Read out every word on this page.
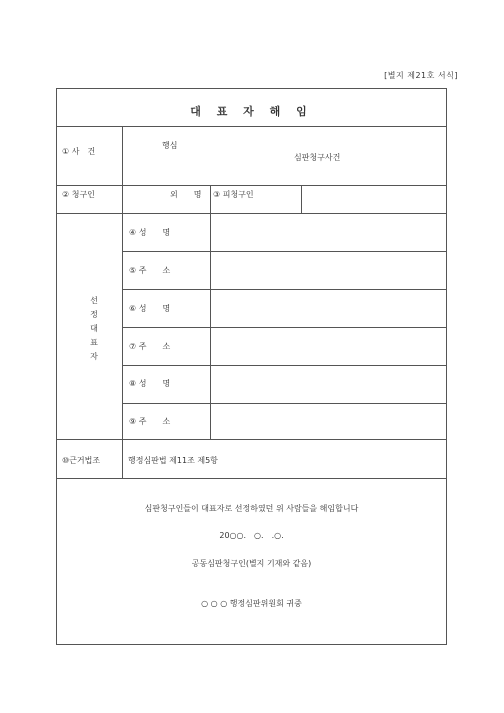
[별지 제21호 서식]
대 표 자 해 임
① 사　건
행심
심판청구사건
② 청구인	외　　명 ③ 피청구인
선정대표자
④ 성　　명
⑤ 주　　소
⑥ 성　　명
⑦ 주　　소
⑧ 성　　명
⑨ 주　　소
⑩근거법조	행정심판법 제11조 제5항
심판청구인들이 대표자로 선정하였던 위 사람들을 해임합니다
20○○.　○.　.○.
공동심판청구인(별지 기재와 같음)
○ ○ ○ 행정심판위원회 귀중
